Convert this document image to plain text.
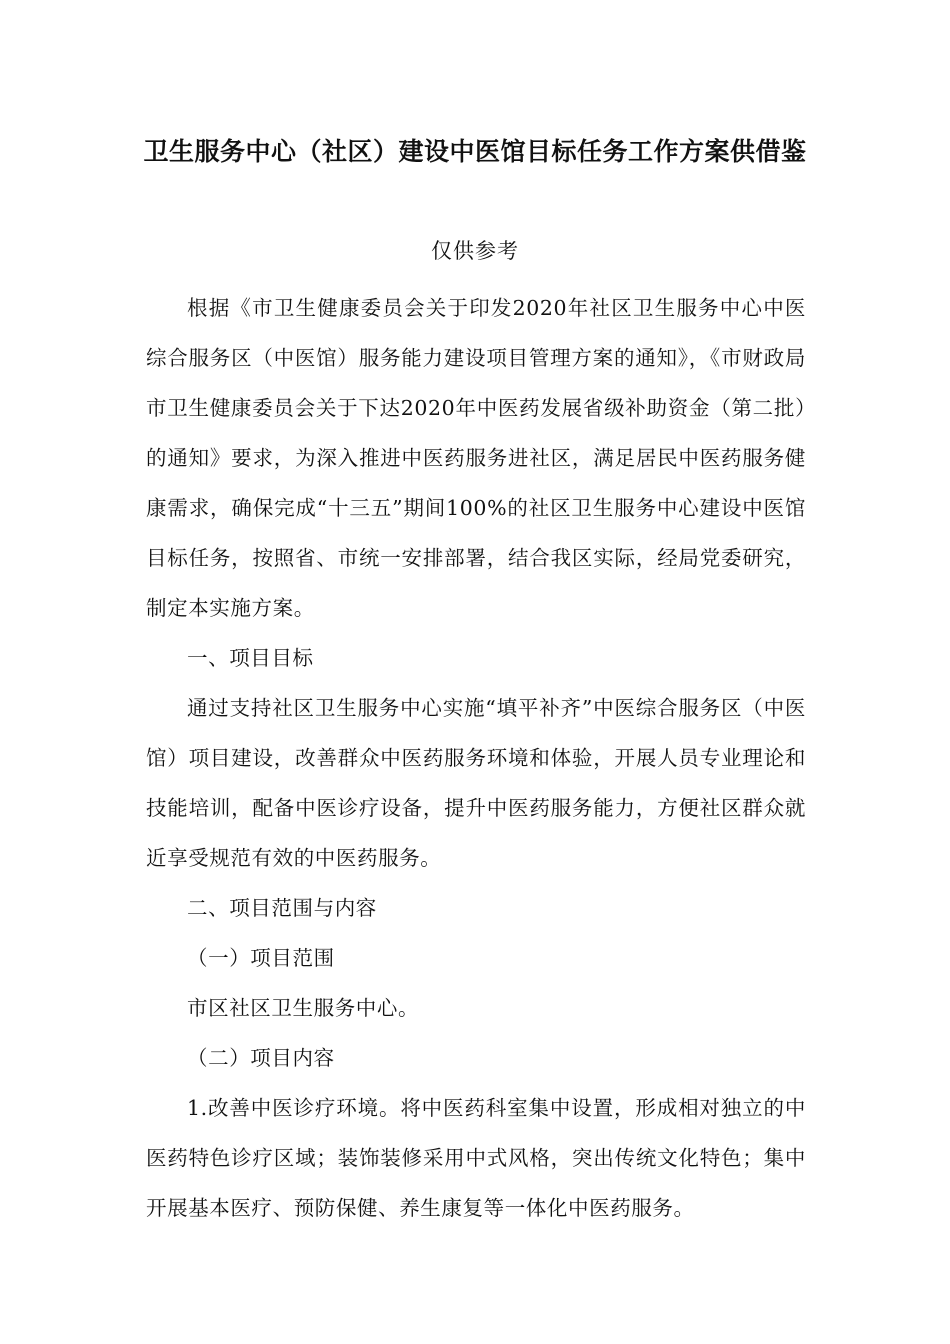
卫生服务中心（社区）建设中医馆目标任务工作方案供借鉴

仅供参考

根据《市卫生健康委员会关于印发2020年社区卫生服务中心中医综合服务区（中医馆）服务能力建设项目管理方案的通知》，《市财政局市卫生健康委员会关于下达2020年中医药发展省级补助资金（第二批）的通知》要求，为深入推进中医药服务进社区，满足居民中医药服务健康需求，确保完成“十三五”期间100%的社区卫生服务中心建设中医馆目标任务，按照省、市统一安排部署，结合我区实际，经局党委研究，制定本实施方案。

一、项目目标

通过支持社区卫生服务中心实施“填平补齐”中医综合服务区（中医馆）项目建设，改善群众中医药服务环境和体验，开展人员专业理论和技能培训，配备中医诊疗设备，提升中医药服务能力，方便社区群众就近享受规范有效的中医药服务。

二、项目范围与内容

（一）项目范围

市区社区卫生服务中心。

（二）项目内容

1.改善中医诊疗环境。将中医药科室集中设置，形成相对独立的中医药特色诊疗区域；装饰装修采用中式风格，突出传统文化特色；集中开展基本医疗、预防保健、养生康复等一体化中医药服务。
